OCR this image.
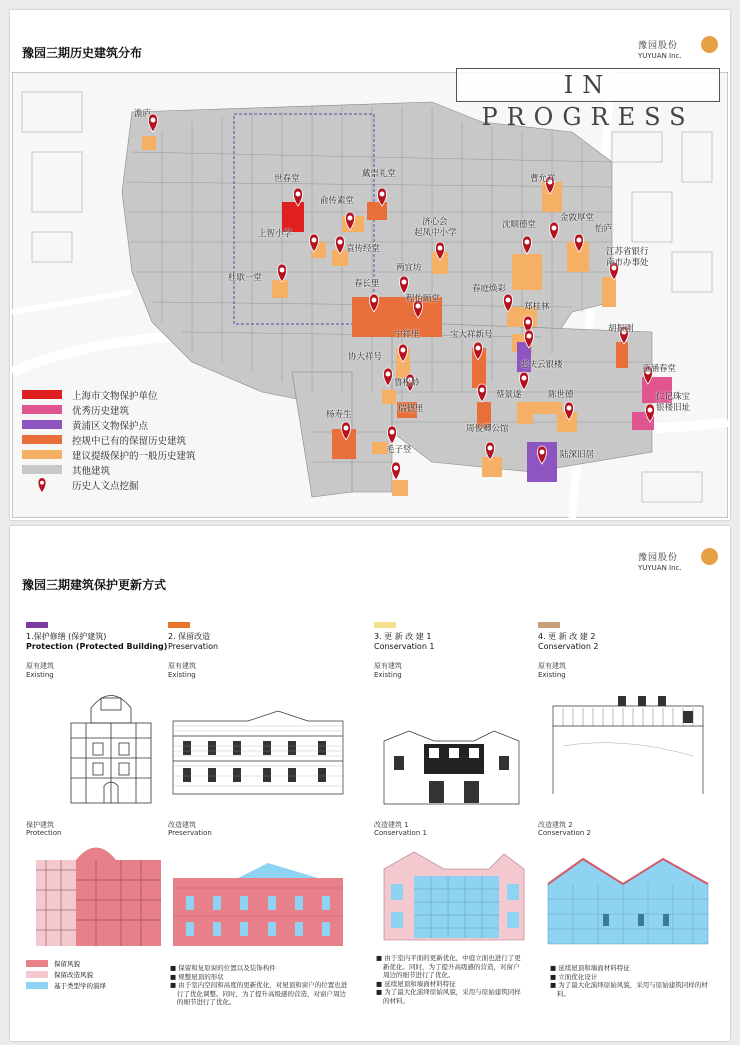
豫园三期历史建筑分布	豫园股份
YUYUAN Inc.
IN PROGRESS
澹庐
世春堂	戴崇礼堂
俞传素堂
上智小学
济心会
起凤中小学
袁传经堂
曹允祥
金敦厚堂
沈顺德堂	怡庐
杜歇一堂
两宜坊
江苏省银行
南市办事处
春长里
程怡颐堂
春庭焕彩
郑桂林
宁祥里	宝大祥新号
胡振刚
协大祥号
老庆云银楼	童涵春堂
鲁松龄
蔡景遂	陈世德	仁记珠宝
银楼旧址
杨寿生
瑞德里
周俊卿公馆
陆深旧居
毛子竖
上海市文物保护单位
优秀历史建筑
黄浦区文物保护点
控规中已有的保留历史建筑
建议提级保护的一般历史建筑
其他建筑
历史人文点挖掘
豫园三期建筑保护更新方式
豫园股份
YUYUAN Inc.
1.保护修缮 (保护建筑)
Protection (Protected Building)
原有建筑
Existing
保护建筑
Protection
保留风貌
保留改造风貌
基于类型学的演绎
2. 保留改造
Preservation
原有建筑
Existing
改造建筑
Preservation
■ 保留和复原窗的位置以及装饰构件
■ 规整屋顶的形状
■ 由于室内空间和高度的更新优化，对屋顶和窗户的位置也进行了优化调整。同时，为了提升高级感的营造，对窗户周边的细节进行了优化。
3. 更 新 改 建 1
Conservation 1
原有建筑
Existing
改造建筑 1
Conservation 1
■ 由于室内平面的更新优化，中庭立面也进行了更新优化。同时，为了提升高级感的营造，对窗户周边的细节进行了优化。
■ 延续屋顶和墙面材料特征
■ 为了最大化演绎原始风貌，采用与原始建筑同样的材料。
4. 更 新 改 建 2
Conservation 2
原有建筑
Existing
改造建筑 2
Conservation 2
■ 延续屋顶和墙面材料特征
■ 立面优化设计
■ 为了最大化演绎原始风貌，采用与原始建筑同样的材料。
